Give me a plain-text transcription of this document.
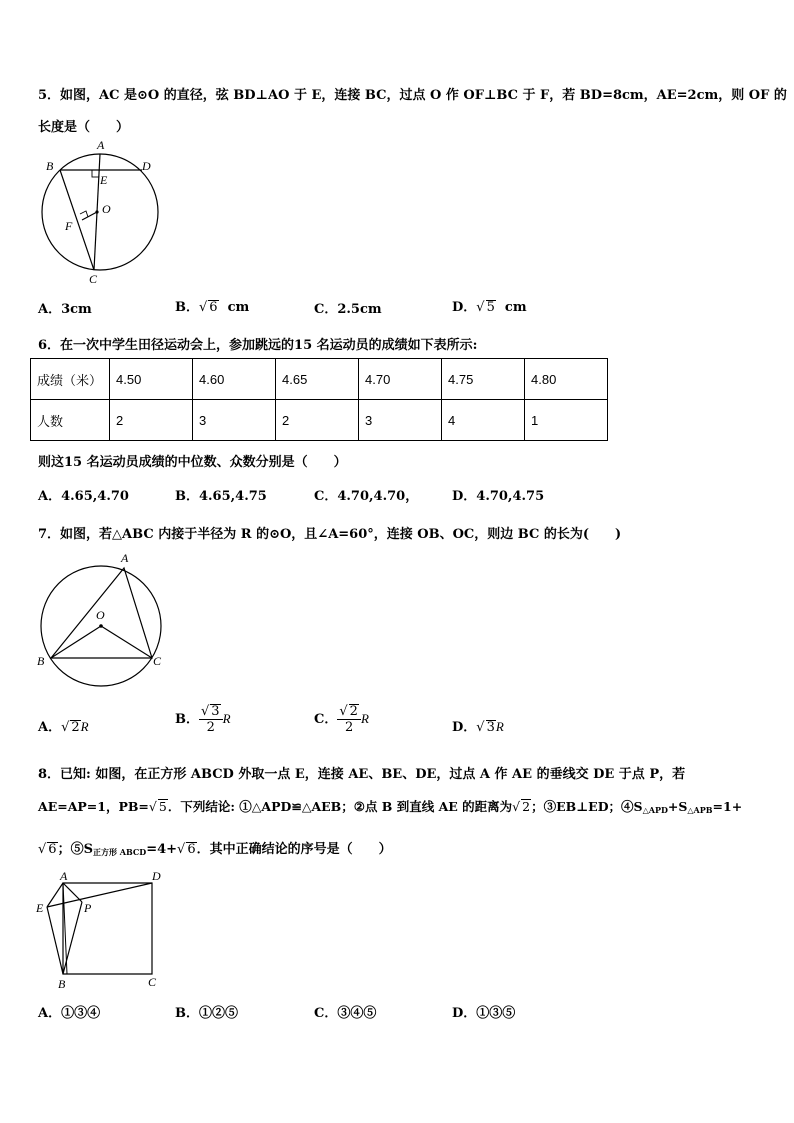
5．如图，AC 是⊙O 的直径，弦 BD⊥AO 于 E，连接 BC，过点 O 作 OF⊥BC 于 F，若 BD=8cm，AE=2cm，则 OF 的
长度是（　　）
A
B	D
E
O
F
C
A．3cm	B．√ 6 cm	C．2.5cm	D．√ 5 cm
6．在一次中学生田径运动会上，参加跳远的15 名运动员的成绩如下表所示:
成绩（米）	4.50	4.60	4.65	4.70	4.75	4.80
人数	2	3	2	3	4	1
则这15 名运动员成绩的中位数、众数分别是（　　）
A．4.65,4.70	B．4.65,4.75	C．4.70,4.70，	D．4.70,4.75
7．如图，若△ABC 内接于半径为 R 的⊙O，且∠A=60°，连接 OB、OC，则边 BC 的长为(　　)
A
O
B	C
A．√ 2R	B． $\frac{√ 3}{2}$ R	C． $\frac{√ 2}{2}$ R
D．√ 3R
8．已知: 如图，在正方形 ABCD 外取一点 E，连接 AE、BE、DE，过点 A 作 AE 的垂线交 DE 于点 P，若
AE=AP=1，PB=√ 5．下列结论: ①△APD≌△AEB；②点 B 到直线 AE 的距离为√ 2；③EB⊥ED；$④S_{\triangle APD}+S_{\triangle APB}=1+$
√ 6；$⑤S_{正方形 ABCD}=4+√$ 6．其中正确结论的序号是（　　）
A	D
E	P
B	C
A．①③④	B．①②⑤	C．③④⑤	D．①③⑤
